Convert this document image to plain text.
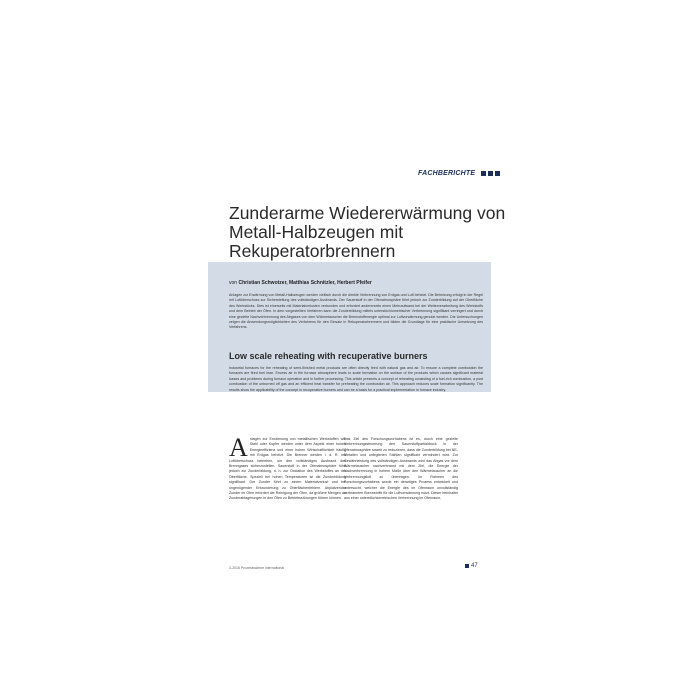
FACHBERICHTE
Zunderarme Wiedererwärmung von Metall-Halbzeugen mit Rekuperatorbrennern
von Christian Schwotzer, Matthias Schnitzler, Herbert Pfeifer

Anlagen zur Erwärmung von Metall-Halbzeugen werden vielfach durch die direkte Verbrennung von Erdgas und Luft beheizt. Die Beheizung erfolgt in der Regel mit Luftüberschuss zur Sicherstellung des vollständigen Ausbrands. Der Sauerstoff in der Ofenatmosphäre führt jedoch zur Zunderbildung auf der Oberfläche des Werkstücks. Dies ist einerseits mit Materialverlusten verbunden und erfordert andererseits einen Mehraufwand bei der Weiterverarbeitung des Werkstoffs und dem Betrieb der Öfen. In dem vorgestellten Verfahren kann die Zunderbildung mittels unterstöchiometrischer Verbrennung signifikant verringert und durch eine gezielte Nachverbrennung des Abgases von dem Wärmetauscher die Brennstoffenergie optimal zur Luftvorwärmung genutzt werden. Die Untersuchungen zeigen die Anwendungsmöglichkeiten des Verfahrens für den Einsatz in Rekuperatorbrennern und bilden die Grundlage für eine praktische Umsetzung des Verfahrens.

Low scale reheating with recuperative burners

Industrial furnaces for the reheating of semi-finished metal products are often directly fired with natural gas and air. To ensure a complete combustion the furnaces are fired fuel lean. Excess air in the furnace atmosphere leads to scale formation on the surface of the products which causes significant material losses and problems during furnace operation and in further processing. This article presents a concept of reheating consisting of a fuel-rich combustion, a post combustion of the unburned off gas and an efficient heat transfer for preheating the combustion air. This approach reduces scale formation significantly. The results show the applicability of the concept in recuperative burners and can be a basis for a practical implementation in furnace industry.

Anlagen zur Erwärmung von metallischen Werkstoffen wie Stahl oder Kupfer werden unter dem Aspekt einer hohen Energieeffizienz und einer hohen Wirtschaftlichkeit häufig mit Erdgas beheizt. Die Brenner werden i. d. R. mit Luftüberschuss betrieben, um den vollständigen Ausbrand des Brenngases sicherzustellen. Sauerstoff in der Ofenatmosphäre führt jedoch zur Zunderbildung, d. h. zur Oxidation des Werkstoffes an der Oberfläche. Speziell bei hohen Temperaturen ist die Zunderbildung signifikant. Der Zunder führt zu einem Materialverlust und bei ungenügender Entzunderung zu Oberflächenfehlern. Abplatzender Zunder im Ofen erfordert die Reinigung der Öfen, da größere Mengen an Zunderablagerungen in den Öfen zu Betriebsstörungen führen können.

Das Ziel des Forschungsvorhabens ist es, durch eine gezielte Verbrennungssteuerung den Sauerstoffpartialdruck in der Ofenatmosphäre soweit zu reduzieren, dass die Zunderbildung bei NE-Metallen und unlegierten Stählen signifikant vermindert wird. Zur Gewährleistung des vollständigen Ausbrands wird das Abgas vor dem Wärmetauscher nachverbrannt mit dem Ziel, die Energie der Nachverbrennung in hohem Maße über den Wärmetauscher an die Verbrennungsluft zu übertragen. Im Rahmen des Forschungsvorhabens wurde ein derartiges Prozess entwickelt und untersucht, welcher die Energie des im Ofenraum unvollständig verbrannten Brennstoffs für die Luftvorwärmung nutzt. Dieser beinhaltet aus einer unterstöchiometrischen Verbrennung im Ofenraum,

3-2016 Prozesswärme international	47
